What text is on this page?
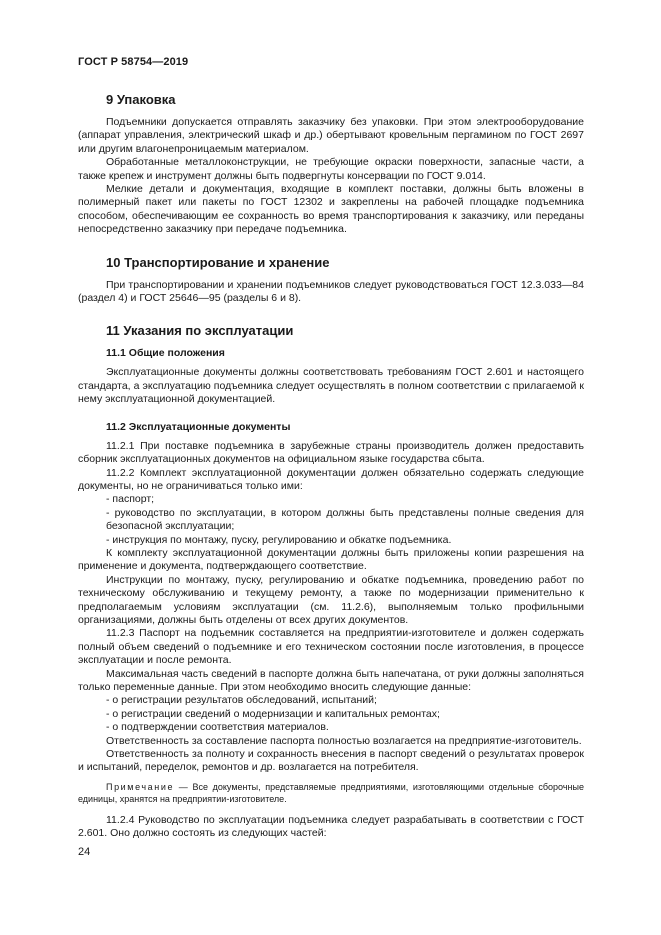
ГОСТ Р 58754—2019
9 Упаковка

Подъемники допускается отправлять заказчику без упаковки. При этом электрооборудование (аппарат управления, электрический шкаф и др.) обертывают кровельным пергамином по ГОСТ 2697 или другим влагонепроницаемым материалом.

Обработанные металлоконструкции, не требующие окраски поверхности, запасные части, а также крепеж и инструмент должны быть подвергнуты консервации по ГОСТ 9.014.

Мелкие детали и документация, входящие в комплект поставки, должны быть вложены в полимерный пакет или пакеты по ГОСТ 12302 и закреплены на рабочей площадке подъемника способом, обеспечивающим ее сохранность во время транспортирования к заказчику, или переданы непосредственно заказчику при передаче подъемника.

10 Транспортирование и хранение

При транспортировании и хранении подъемников следует руководствоваться ГОСТ 12.3.033—84 (раздел 4) и ГОСТ 25646—95 (разделы 6 и 8).

11 Указания по эксплуатации
11.1 Общие положения

Эксплуатационные документы должны соответствовать требованиям ГОСТ 2.601 и настоящего стандарта, а эксплуатацию подъемника следует осуществлять в полном соответствии с прилагаемой к нему эксплуатационной документацией.

11.2 Эксплуатационные документы

11.2.1 При поставке подъемника в зарубежные страны производитель должен предоставить сборник эксплуатационных документов на официальном языке государства сбыта.

11.2.2 Комплект эксплуатационной документации должен обязательно содержать следующие документы, но не ограничиваться только ими:

- паспорт;

- руководство по эксплуатации, в котором должны быть представлены полные сведения для безопасной эксплуатации;

- инструкция по монтажу, пуску, регулированию и обкатке подъемника.

К комплекту эксплуатационной документации должны быть приложены копии разрешения на применение и документа, подтверждающего соответствие.

Инструкции по монтажу, пуску, регулированию и обкатке подъемника, проведению работ по техническому обслуживанию и текущему ремонту, а также по модернизации применительно к предполагаемым условиям эксплуатации (см. 11.2.6), выполняемым только профильными организациями, должны быть отделены от всех других документов.

11.2.3 Паспорт на подъемник составляется на предприятии-изготовителе и должен содержать полный объем сведений о подъемнике и его техническом состоянии после изготовления, в процессе эксплуатации и после ремонта.

Максимальная часть сведений в паспорте должна быть напечатана, от руки должны заполняться только переменные данные. При этом необходимо вносить следующие данные:

- о регистрации результатов обследований, испытаний;

- о регистрации сведений о модернизации и капитальных ремонтах;

- о подтверждении соответствия материалов.

Ответственность за составление паспорта полностью возлагается на предприятие-изготовитель.

Ответственность за полноту и сохранность внесения в паспорт сведений о результатах проверок и испытаний, переделок, ремонтов и др. возлагается на потребителя.

Примечание — Все документы, представляемые предприятиями, изготовляющими отдельные сборочные единицы, хранятся на предприятии-изготовителе.

11.2.4 Руководство по эксплуатации подъемника следует разрабатывать в соответствии с ГОСТ 2.601. Оно должно состоять из следующих частей:

24
